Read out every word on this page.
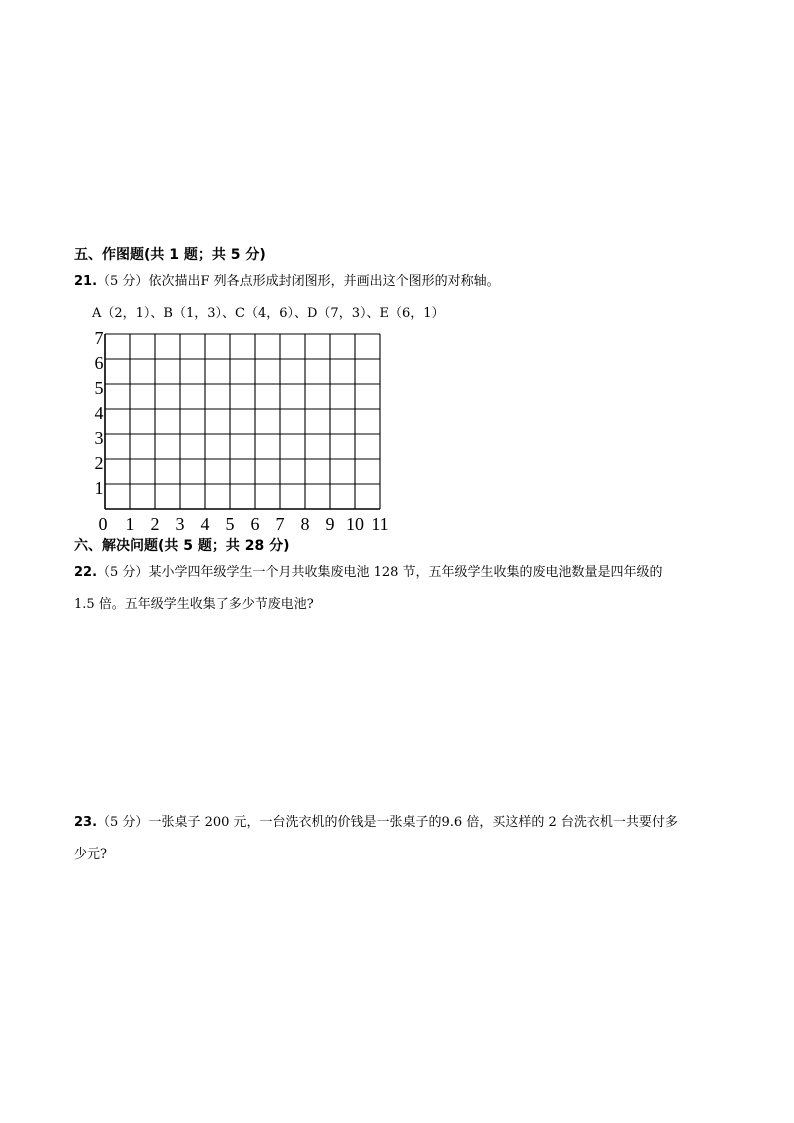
五、作图题(共 1 题；共 5 分)
21.（5 分）依次描出F 列各点形成封闭图形，并画出这个图形的对称轴。
A（2，1）、B（1，3）、C（4，6）、D（7，3）、E（6，1）
1
2
3
4
5
6
7
0 1 2 3 4 5 6 7 8 9 10 11
六、解决问题(共 5 题；共 28 分)
22.（5 分）某小学四年级学生一个月共收集废电池 128 节，五年级学生收集的废电池数量是四年级的
1.5 倍。五年级学生收集了多少节废电池?
23.（5 分）一张桌子 200 元，一台洗衣机的价钱是一张桌子的9.6 倍，买这样的 2 台洗衣机一共要付多
少元?
